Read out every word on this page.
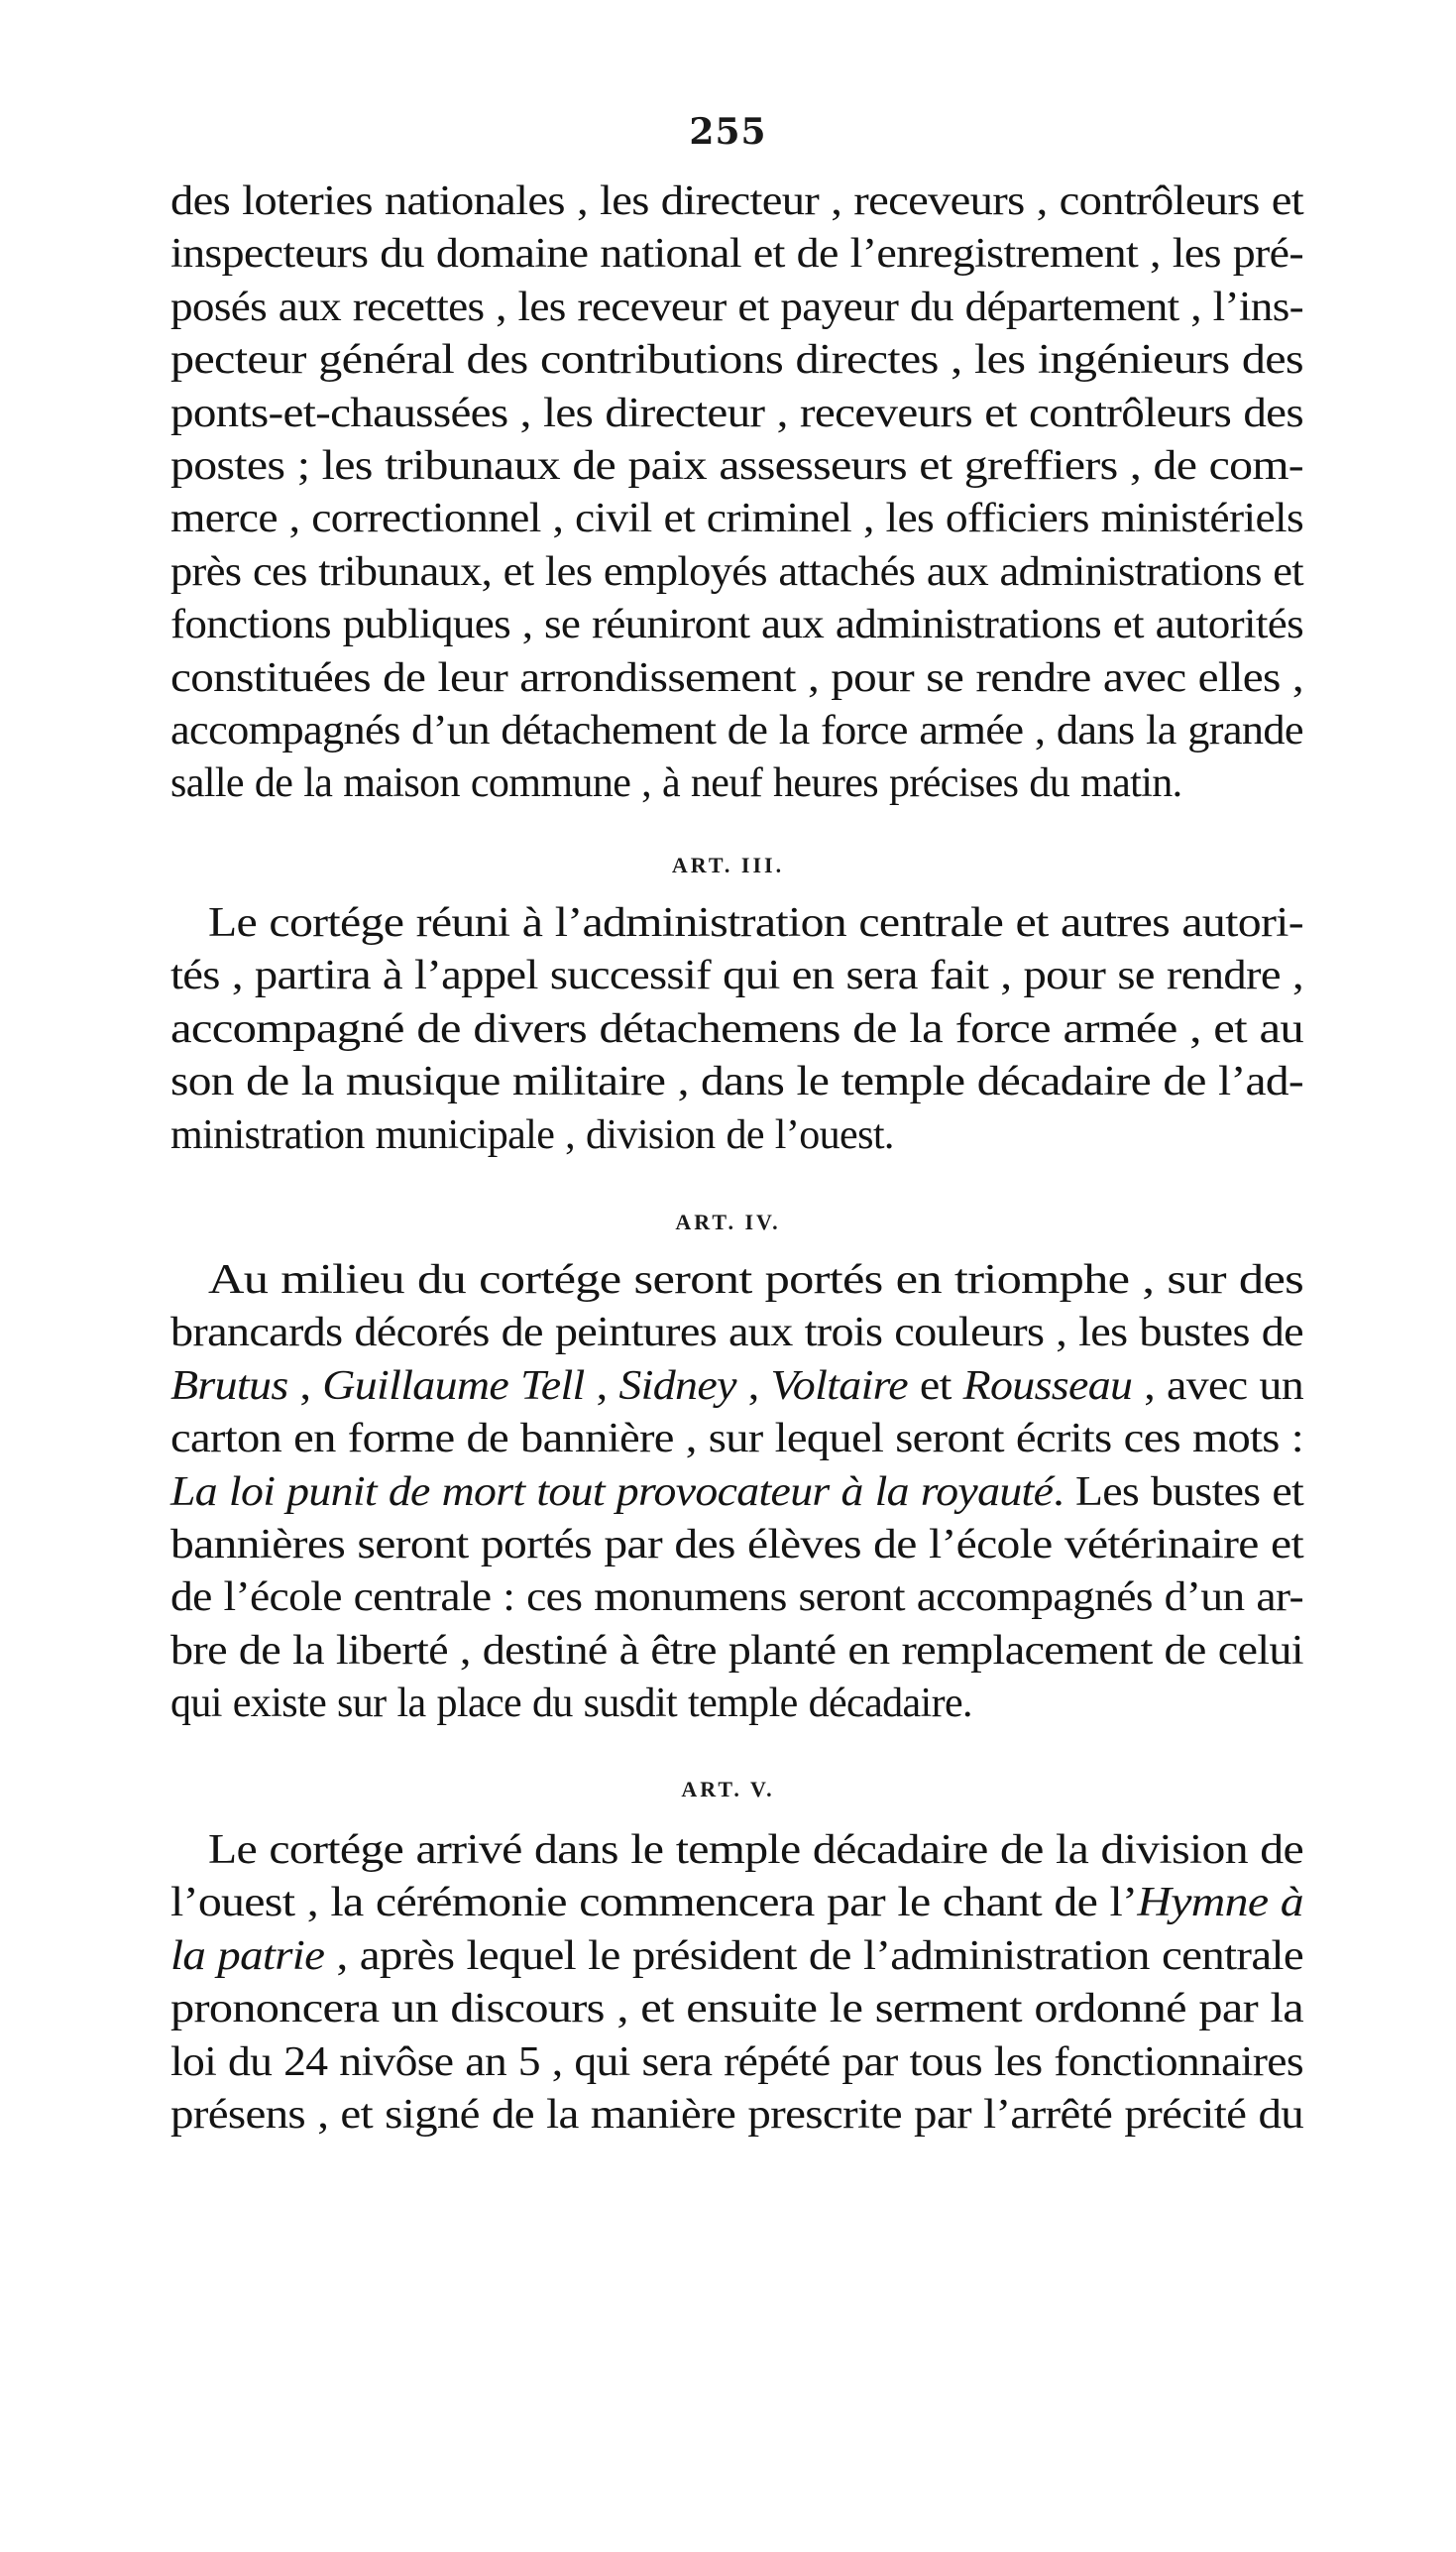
255
des loteries nationales , les directeur , receveurs , contrôleurs et
inspecteurs du domaine national et de l’enregistrement , les pré-
posés aux recettes , les receveur et payeur du département , l’ins-
pecteur général des contributions directes , les ingénieurs des
ponts-et-chaussées , les directeur , receveurs et contrôleurs des
postes ; les tribunaux de paix assesseurs et greffiers , de com-
merce , correctionnel , civil et criminel , les officiers ministériels
près ces tribunaux, et les employés attachés aux administrations et
fonctions publiques , se réuniront aux administrations et autorités
constituées de leur arrondissement , pour se rendre avec elles ,
accompagnés d’un détachement de la force armée , dans la grande
salle de la maison commune , à neuf heures précises du matin.
ART. III.
Le cortége réuni à l’administration centrale et autres autori-
tés , partira à l’appel successif qui en sera fait , pour se rendre ,
accompagné de divers détachemens de la force armée , et au
son de la musique militaire , dans le temple décadaire de l’ad-
ministration municipale , division de l’ouest.
ART. IV.
Au milieu du cortége seront portés en triomphe , sur des
brancards décorés de peintures aux trois couleurs , les bustes de
Brutus , Guillaume Tell , Sidney , Voltaire et Rousseau , avec un
carton en forme de bannière , sur lequel seront écrits ces mots :
La loi punit de mort tout provocateur à la royauté. Les bustes et
bannières seront portés par des élèves de l’école vétérinaire et
de l’école centrale : ces monumens seront accompagnés d’un ar-
bre de la liberté , destiné à être planté en remplacement de celui
qui existe sur la place du susdit temple décadaire.
ART. V.
Le cortége arrivé dans le temple décadaire de la division de
l’ouest , la cérémonie commencera par le chant de l’Hymne à
la patrie , après lequel le président de l’administration centrale
prononcera un discours , et ensuite le serment ordonné par la
loi du 24 nivôse an 5 , qui sera répété par tous les fonctionnaires
présens , et signé de la manière prescrite par l’arrêté précité du
